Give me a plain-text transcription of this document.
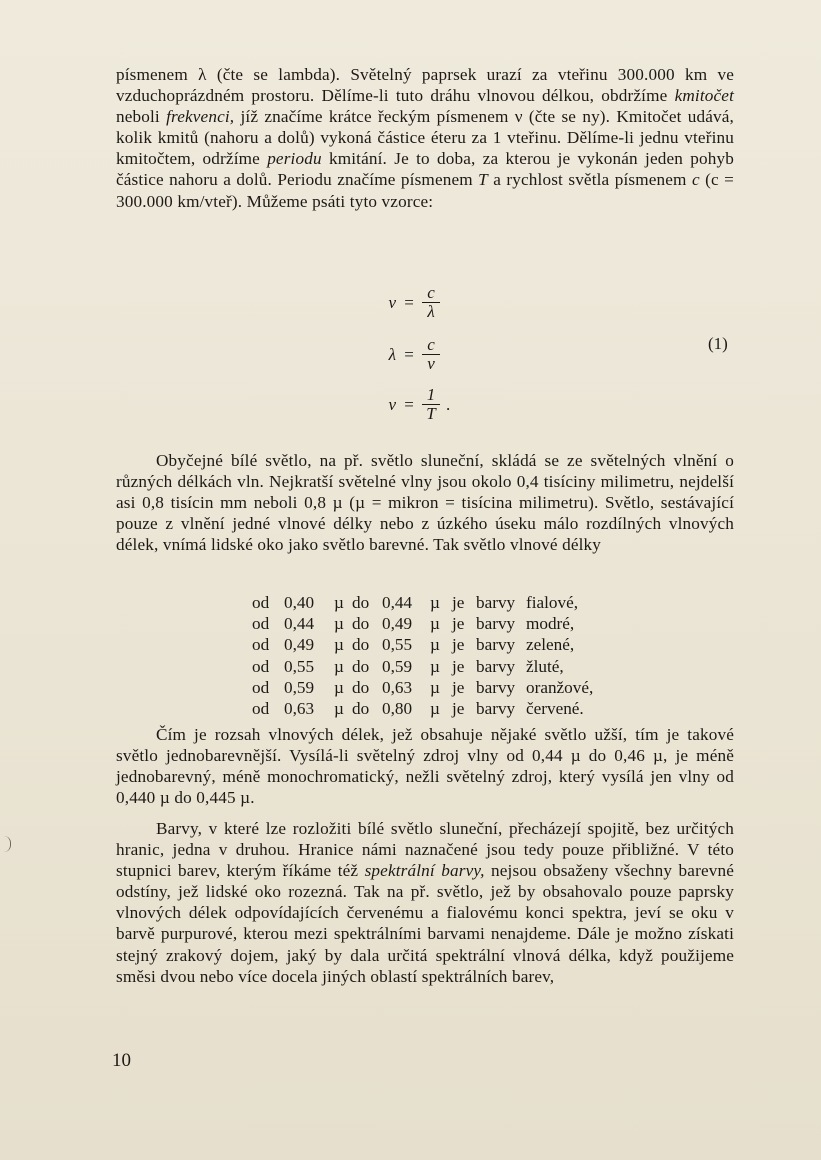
písmenem λ (čte se lambda). Světelný paprsek urazí za vteřinu 300.000 km ve vzduchoprázdném prostoru. Dělíme-li tuto dráhu vlnovou délkou, obdržíme kmitočet neboli frekvenci, jíž značíme krátce řeckým písmenem ν (čte se ny). Kmitočet udává, kolik kmitů (nahoru a dolů) vykoná částice éteru za 1 vteřinu. Dělíme-li jednu vteřinu kmitočtem, održíme periodu kmitání. Je to doba, za kterou je vykonán jeden pohyb částice nahoru a dolů. Periodu značíme písmenem T a rychlost světla písmenem c (c = 300.000 km/vteř). Můžeme psáti tyto vzorce:
$\nu = \frac{c}{\lambda}$
$\lambda = \frac{c}{\nu}$
$\nu = \frac{1}{T}$ .
(1)
Obyčejné bílé světlo, na př. světlo sluneční, skládá se ze světelných vlnění o různých délkách vln. Nejkratší světelné vlny jsou okolo 0,4 tisíciny milimetru, nejdelší asi 0,8 tisícin mm neboli 0,8 µ (µ = mikron = tisícina milimetru). Světlo, sestávající pouze z vlnění jedné vlnové délky nebo z úzkého úseku málo rozdílných vlnových délek, vnímá lidské oko jako světlo barevné. Tak světlo vlnové délky
od 0,40	µ do 0,44	µ je barvy fialové,
od 0,44	µ do 0,49	µ je barvy modré,
od 0,49	µ do 0,55	µ je barvy zelené,
od 0,55	µ do 0,59	µ je barvy žluté,
od 0,59	µ do 0,63	µ je barvy oranžové,
od 0,63	µ do 0,80	µ je barvy červené.
Čím je rozsah vlnových délek, jež obsahuje nějaké světlo užší, tím je takové světlo jednobarevnější. Vysílá-li světelný zdroj vlny od 0,44 µ do 0,46 µ, je méně jednobarevný, méně monochromatický, nežli světelný zdroj, který vysílá jen vlny od 0,440 µ do 0,445 µ.
Barvy, v které lze rozložiti bílé světlo sluneční, přecházejí spojitě, bez určitých hranic, jedna v druhou. Hranice námi naznačené jsou tedy pouze přibližné. V této stupnici barev, kterým říkáme též spektrální barvy, nejsou obsaženy všechny barevné odstíny, jež lidské oko rozezná. Tak na př. světlo, jež by obsahovalo pouze paprsky vlnových délek odpovídajících červenému a fialovému konci spektra, jeví se oku v barvě purpurové, kterou mezi spektrálními barvami nenajdeme. Dále je možno získati stejný zrakový dojem, jaký by dala určitá spektrální vlnová délka, když použijeme směsi dvou nebo více docela jiných oblastí spektrálních barev,
10
